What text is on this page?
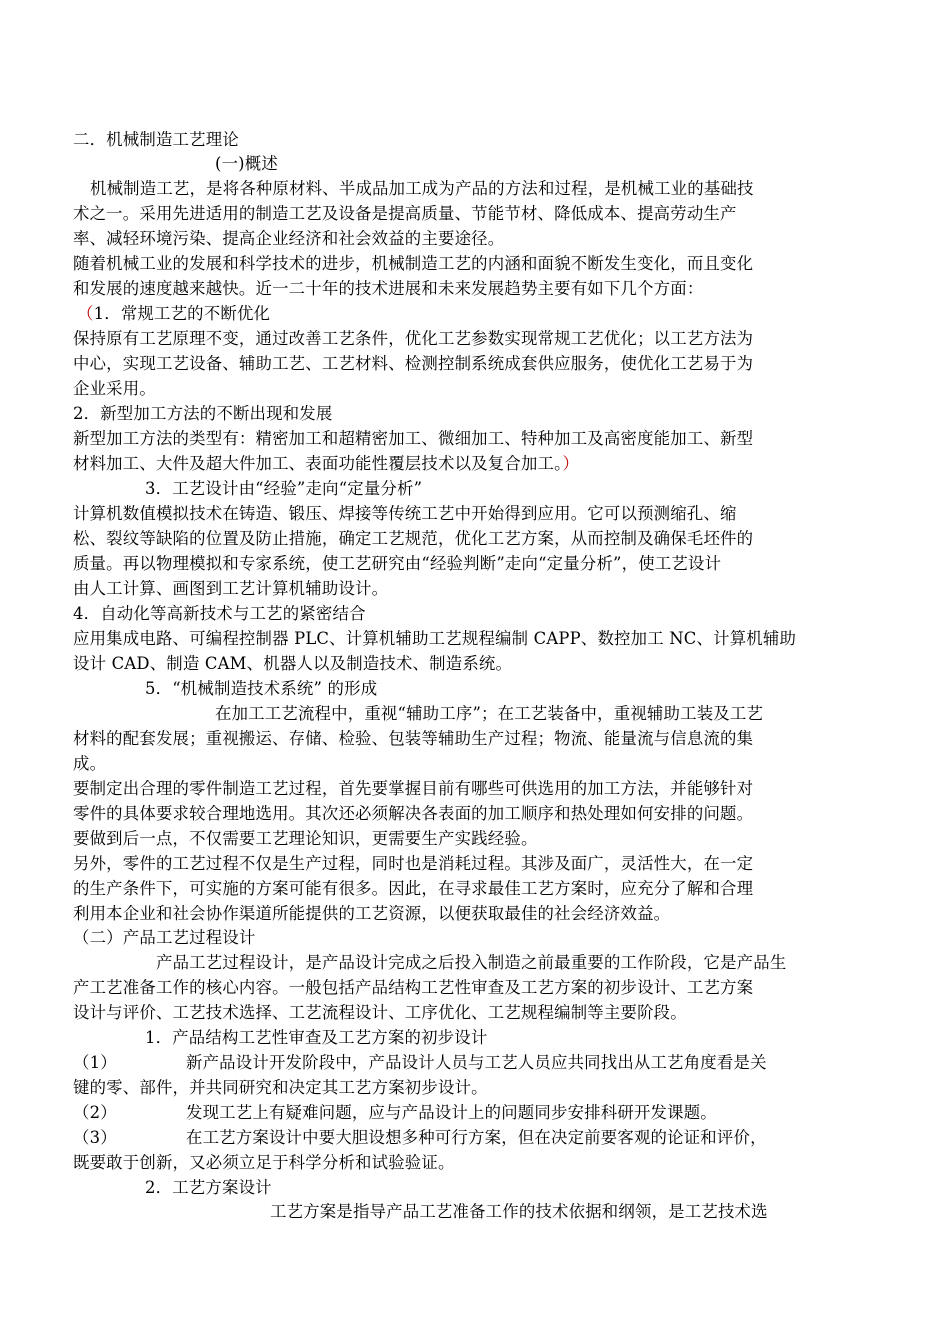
二．机械制造工艺理论
(一)概述
机械制造工艺，是将各种原材料、半成品加工成为产品的方法和过程，是机械工业的基础技
术之一。采用先进适用的制造工艺及设备是提高质量、节能节材、降低成本、提高劳动生产
率、减轻环境污染、提高企业经济和社会效益的主要途径。
随着机械工业的发展和科学技术的进步，机械制造工艺的内涵和面貌不断发生变化，而且变化
和发展的速度越来越快。近一二十年的技术进展和未来发展趋势主要有如下几个方面：
（1．常规工艺的不断优化
保持原有工艺原理不变，通过改善工艺条件，优化工艺参数实现常规工艺优化；以工艺方法为
中心，实现工艺设备、辅助工艺、工艺材料、检测控制系统成套供应服务，使优化工艺易于为
企业采用。
2．新型加工方法的不断出现和发展
新型加工方法的类型有：精密加工和超精密加工、微细加工、特种加工及高密度能加工、新型
材料加工、大件及超大件加工、表面功能性覆层技术以及复合加工。）
3．工艺设计由“经验”走向“定量分析”
计算机数值模拟技术在铸造、锻压、焊接等传统工艺中开始得到应用。它可以预测缩孔、缩
松、裂纹等缺陷的位置及防止措施，确定工艺规范，优化工艺方案，从而控制及确保毛坯件的
质量。再以物理模拟和专家系统，使工艺研究由“经验判断”走向“定量分析”，使工艺设计
由人工计算、画图到工艺计算机辅助设计。
4．自动化等高新技术与工艺的紧密结合
应用集成电路、可编程控制器 PLC、计算机辅助工艺规程编制 CAPP、数控加工 NC、计算机辅助
设计 CAD、制造 CAM、机器人以及制造技术、制造系统。
5．“机械制造技术系统” 的形成
在加工工艺流程中，重视“辅助工序”；在工艺装备中，重视辅助工装及工艺
材料的配套发展；重视搬运、存储、检验、包装等辅助生产过程；物流、能量流与信息流的集
成。
要制定出合理的零件制造工艺过程，首先要掌握目前有哪些可供选用的加工方法，并能够针对
零件的具体要求较合理地选用。其次还必须解决各表面的加工顺序和热处理如何安排的问题。
要做到后一点，不仅需要工艺理论知识，更需要生产实践经验。
另外，零件的工艺过程不仅是生产过程，同时也是消耗过程。其涉及面广，灵活性大，在一定
的生产条件下，可实施的方案可能有很多。因此，在寻求最佳工艺方案时，应充分了解和合理
利用本企业和社会协作渠道所能提供的工艺资源，以便获取最佳的社会经济效益。
（二）产品工艺过程设计
产品工艺过程设计，是产品设计完成之后投入制造之前最重要的工作阶段，它是产品生
产工艺准备工作的核心内容。一般包括产品结构工艺性审查及工艺方案的初步设计、工艺方案
设计与评价、工艺技术选择、工艺流程设计、工序优化、工艺规程编制等主要阶段。
1．产品结构工艺性审查及工艺方案的初步设计
（1）	新产品设计开发阶段中，产品设计人员与工艺人员应共同找出从工艺角度看是关
键的零、部件，并共同研究和决定其工艺方案初步设计。
（2）	发现工艺上有疑难问题，应与产品设计上的问题同步安排科研开发课题。
（3）	在工艺方案设计中要大胆设想多种可行方案，但在决定前要客观的论证和评价，
既要敢于创新，又必须立足于科学分析和试验验证。
2．工艺方案设计
工艺方案是指导产品工艺准备工作的技术依据和纲领，是工艺技术选
